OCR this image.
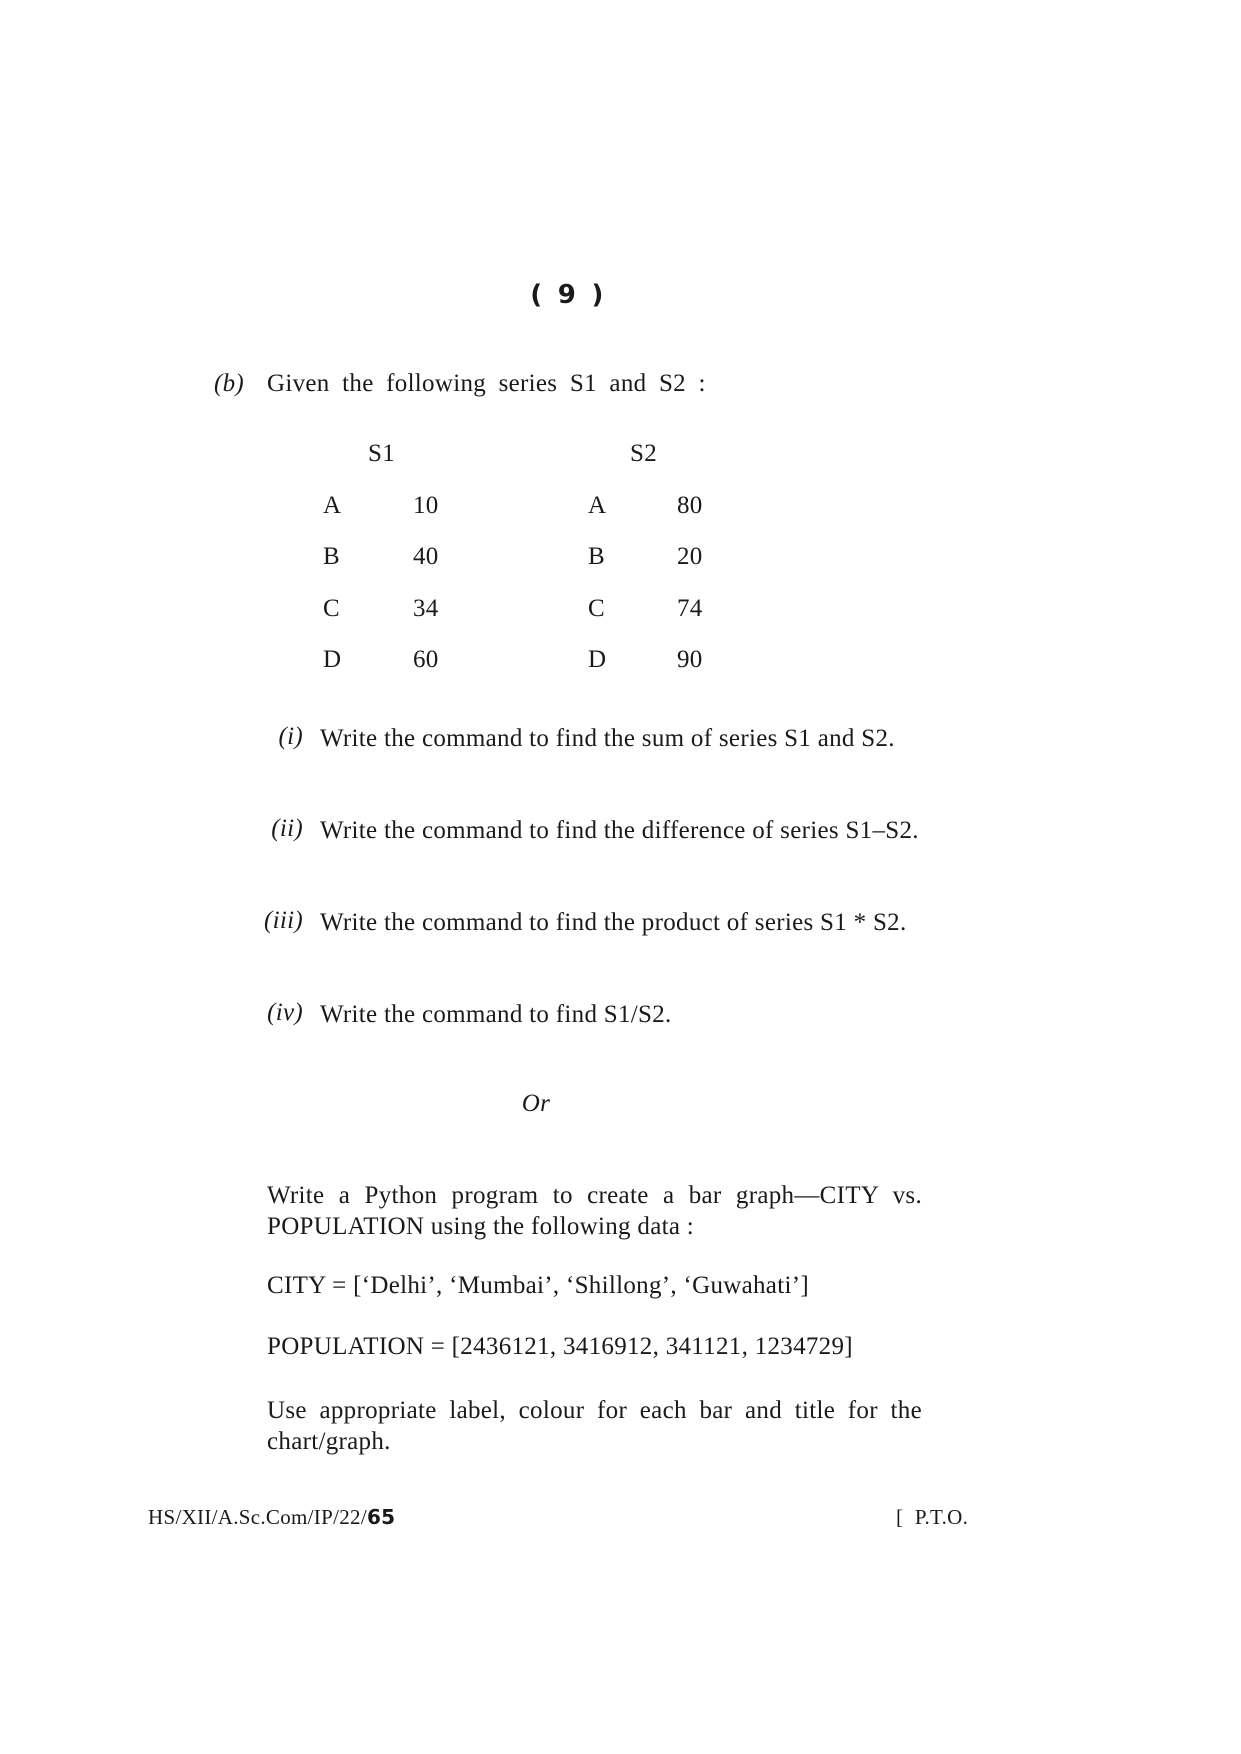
( 9 )
(b) Given the following series S1 and S2 :
S1
A	10
B	40
C	34
D	60
S2
A	80
B	20
C	74
D	90
(i) Write the command to find the sum of series S1 and S2.
(ii) Write the command to find the difference of series S1–S2.
(iii) Write the command to find the product of series S1 * S2.
(iv) Write the command to find S1/S2.
Or
Write a Python program to create a bar graph—CITY vs. POPULATION using the following data :
CITY = [‘Delhi’, ‘Mumbai’, ‘Shillong’, ‘Guwahati’]
POPULATION = [2436121, 3416912, 341121, 1234729]
Use appropriate label, colour for each bar and title for the chart/graph.
HS/XII/A.Sc.Com/IP/22/65	[ P.T.O.
